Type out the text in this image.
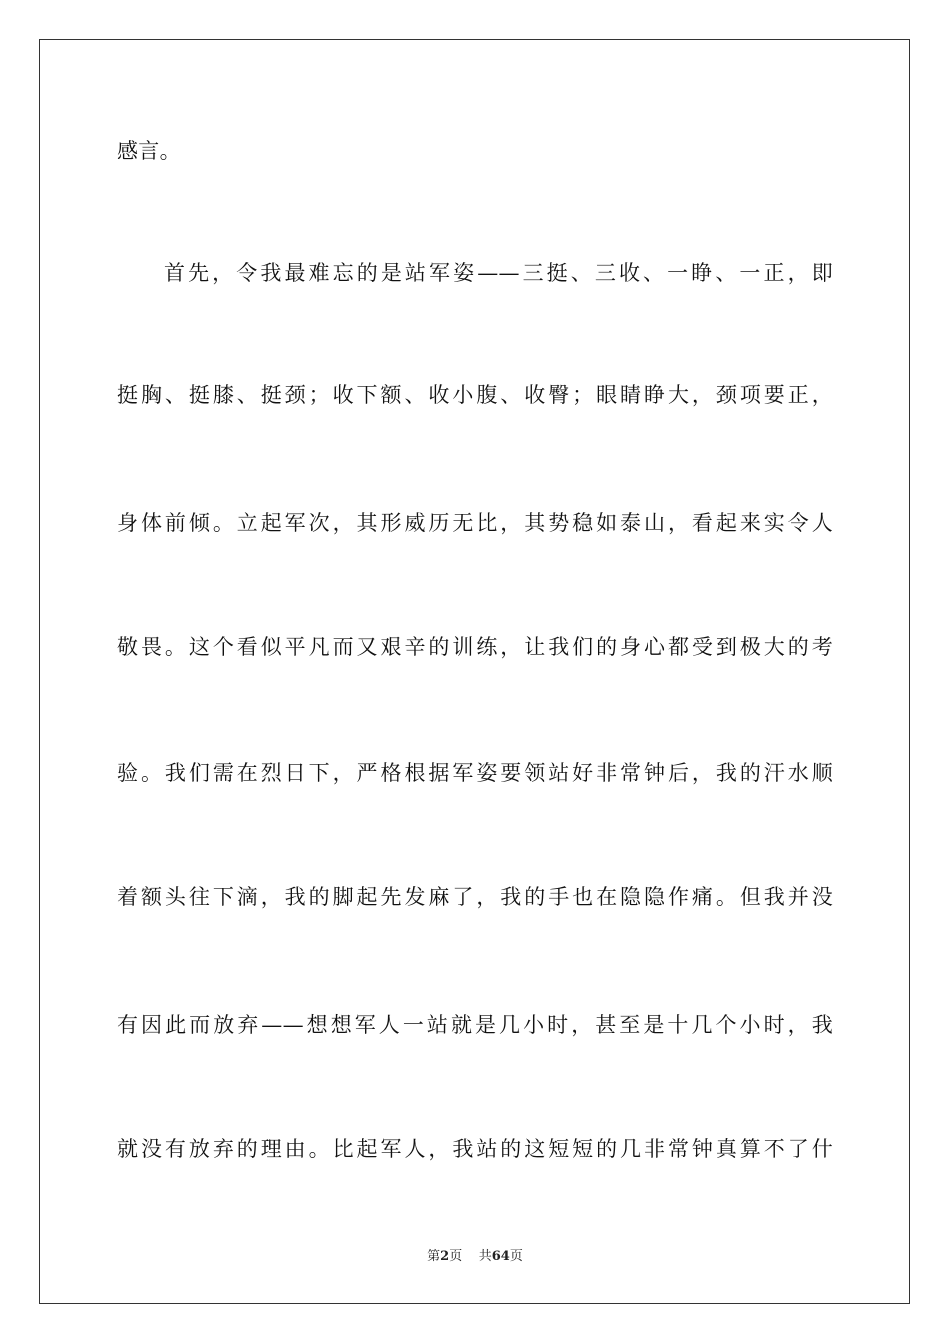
感言。
首先，令我最难忘的是站军姿——三挺、三收、一睁、一正，即
挺胸、挺膝、挺颈；收下额、收小腹、收臀；眼睛睁大，颈项要正，
身体前倾。立起军次，其形威历无比，其势稳如泰山，看起来实令人
敬畏。这个看似平凡而又艰辛的训练，让我们的身心都受到极大的考
验。我们需在烈日下，严格根据军姿要领站好非常钟后，我的汗水顺
着额头往下滴，我的脚起先发麻了，我的手也在隐隐作痛。但我并没
有因此而放弃——想想军人一站就是几小时，甚至是十几个小时，我
就没有放弃的理由。比起军人，我站的这短短的几非常钟真算不了什
第2页 共64页
